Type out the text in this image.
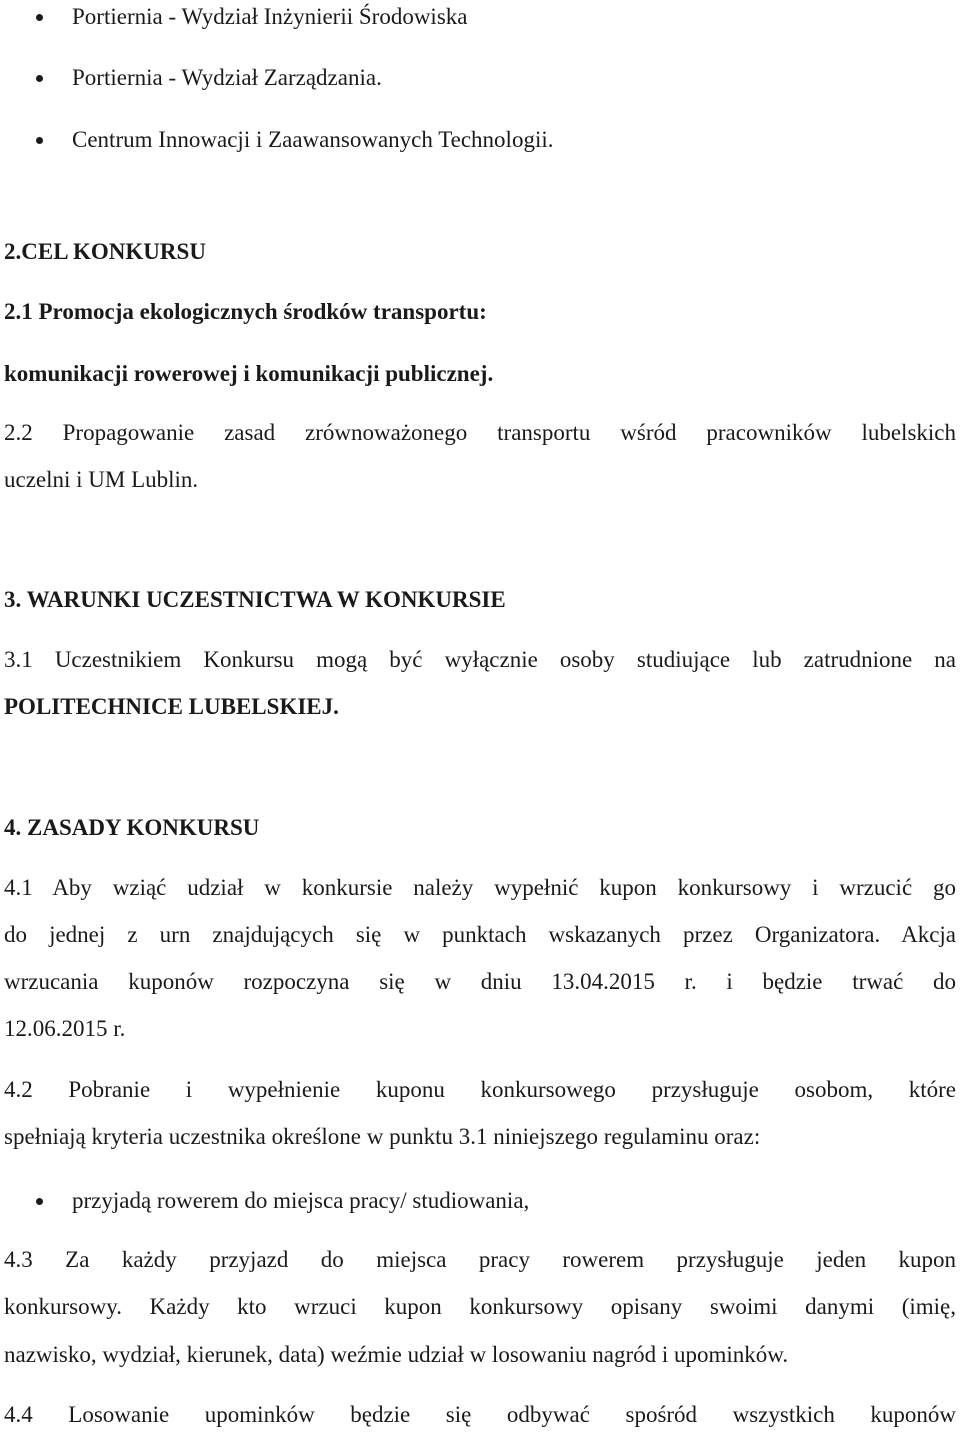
Portiernia - Wydział Inżynierii Środowiska
Portiernia - Wydział Zarządzania.
Centrum Innowacji i Zaawansowanych Technologii.
2.CEL KONKURSU
2.1 Promocja ekologicznych środków transportu:
komunikacji rowerowej i komunikacji publicznej.
2.2 Propagowanie zasad zrównoważonego transportu wśród pracowników lubelskich
uczelni i UM Lublin.
3. WARUNKI UCZESTNICTWA W KONKURSIE
3.1 Uczestnikiem Konkursu mogą być wyłącznie osoby studiujące lub zatrudnione na
POLITECHNICE LUBELSKIEJ.
4. ZASADY KONKURSU
4.1 Aby wziąć udział w konkursie należy wypełnić kupon konkursowy i wrzucić go
do jednej z urn znajdujących się w punktach wskazanych przez Organizatora. Akcja
wrzucania kuponów rozpoczyna się w dniu 13.04.2015 r. i będzie trwać do
12.06.2015 r.
4.2 Pobranie i wypełnienie kuponu konkursowego przysługuje osobom, które
spełniają kryteria uczestnika określone w punktu 3.1 niniejszego regulaminu oraz:
przyjadą rowerem do miejsca pracy/ studiowania,
4.3 Za każdy przyjazd do miejsca pracy rowerem przysługuje jeden kupon
konkursowy. Każdy kto wrzuci kupon konkursowy opisany swoimi danymi (imię,
nazwisko, wydział, kierunek, data) weźmie udział w losowaniu nagród i upominków.
4.4 Losowanie upominków będzie się odbywać spośród wszystkich kuponów
